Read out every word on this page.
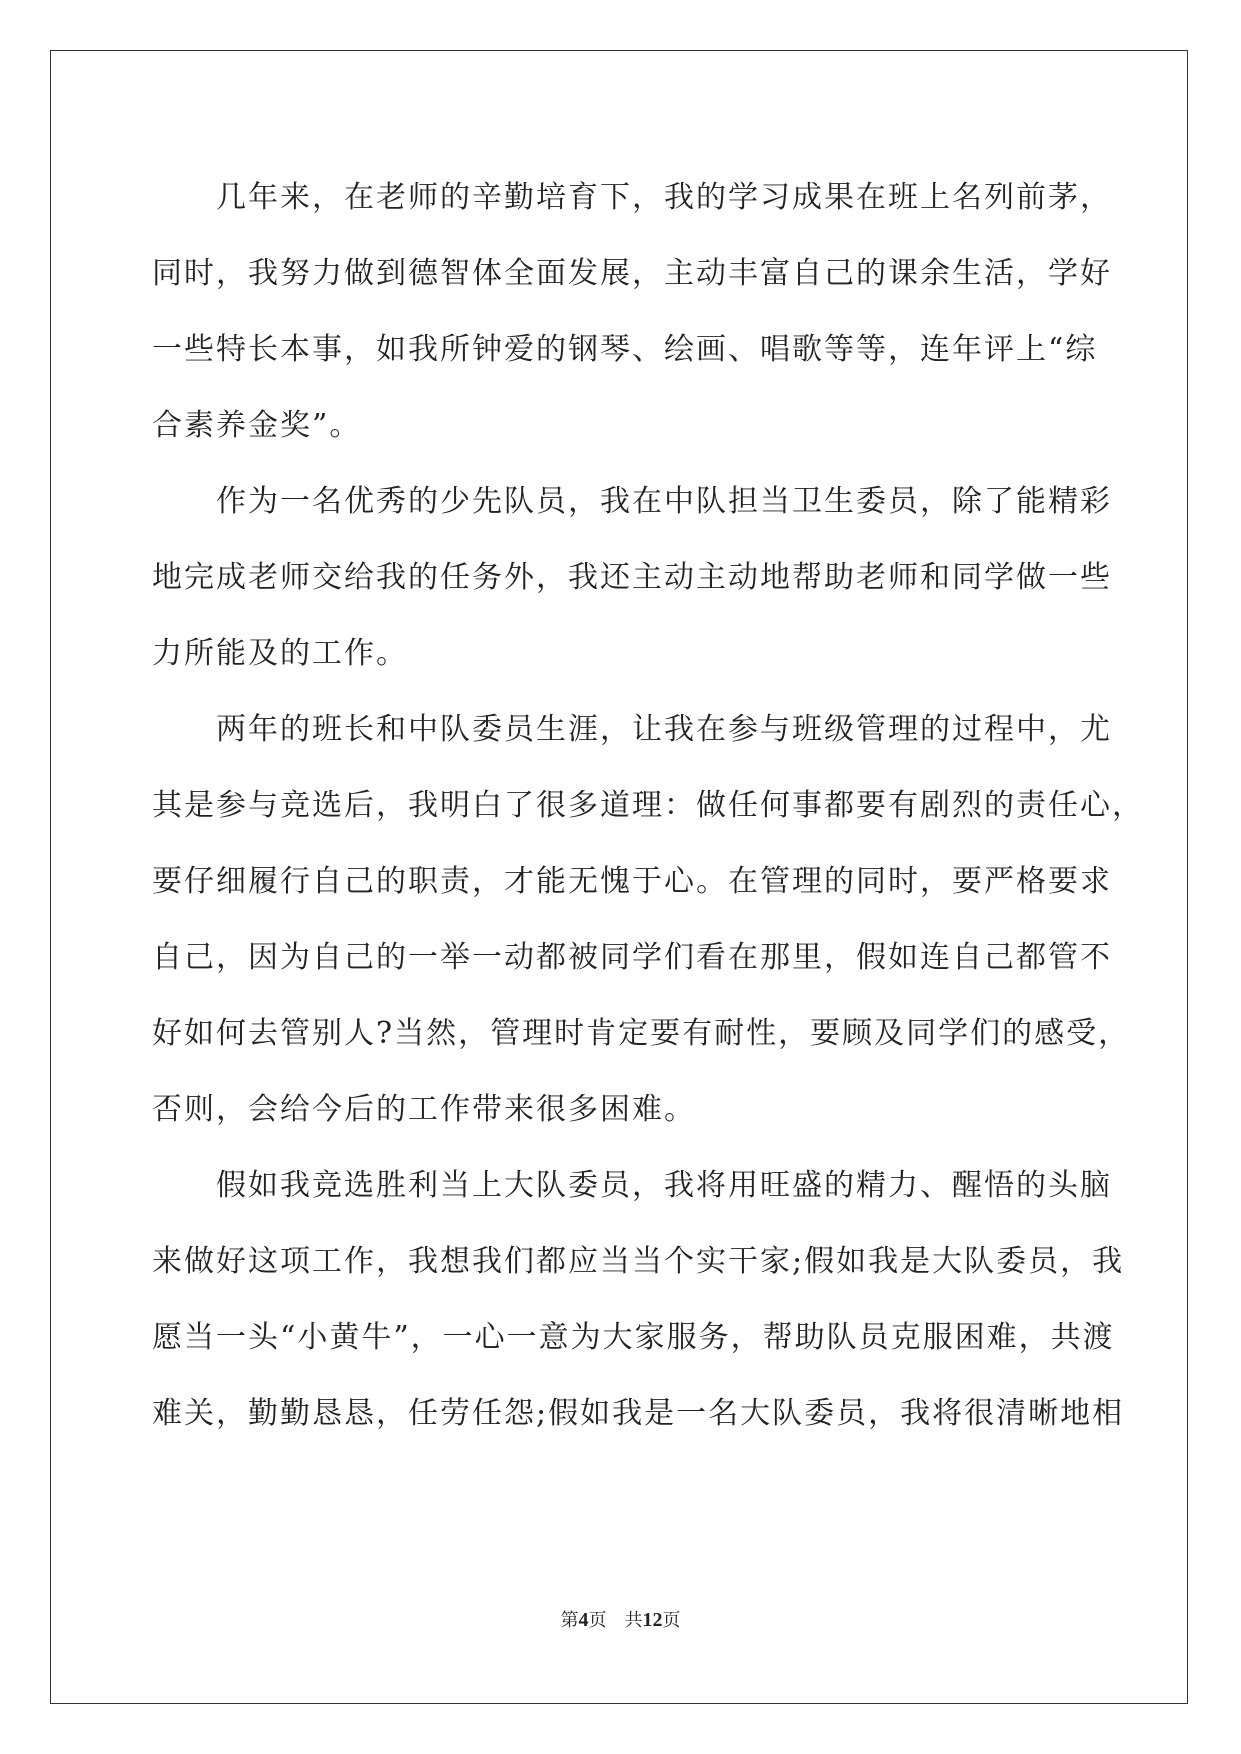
几年来，在老师的辛勤培育下，我的学习成果在班上名列前茅，
同时，我努力做到德智体全面发展，主动丰富自己的课余生活，学好
一些特长本事，如我所钟爱的钢琴、绘画、唱歌等等，连年评上“综
合素养金奖”。
作为一名优秀的少先队员，我在中队担当卫生委员，除了能精彩
地完成老师交给我的任务外，我还主动主动地帮助老师和同学做一些
力所能及的工作。
两年的班长和中队委员生涯，让我在参与班级管理的过程中，尤
其是参与竞选后，我明白了很多道理：做任何事都要有剧烈的责任心，
要仔细履行自己的职责，才能无愧于心。在管理的同时，要严格要求
自己，因为自己的一举一动都被同学们看在那里，假如连自己都管不
好如何去管别人?当然，管理时肯定要有耐性，要顾及同学们的感受，
否则，会给今后的工作带来很多困难。
假如我竞选胜利当上大队委员，我将用旺盛的精力、醒悟的头脑
来做好这项工作，我想我们都应当当个实干家;假如我是大队委员，我
愿当一头“小黄牛”，一心一意为大家服务，帮助队员克服困难，共渡
难关，勤勤恳恳，任劳任怨;假如我是一名大队委员，我将很清晰地相
第4页 共12页
